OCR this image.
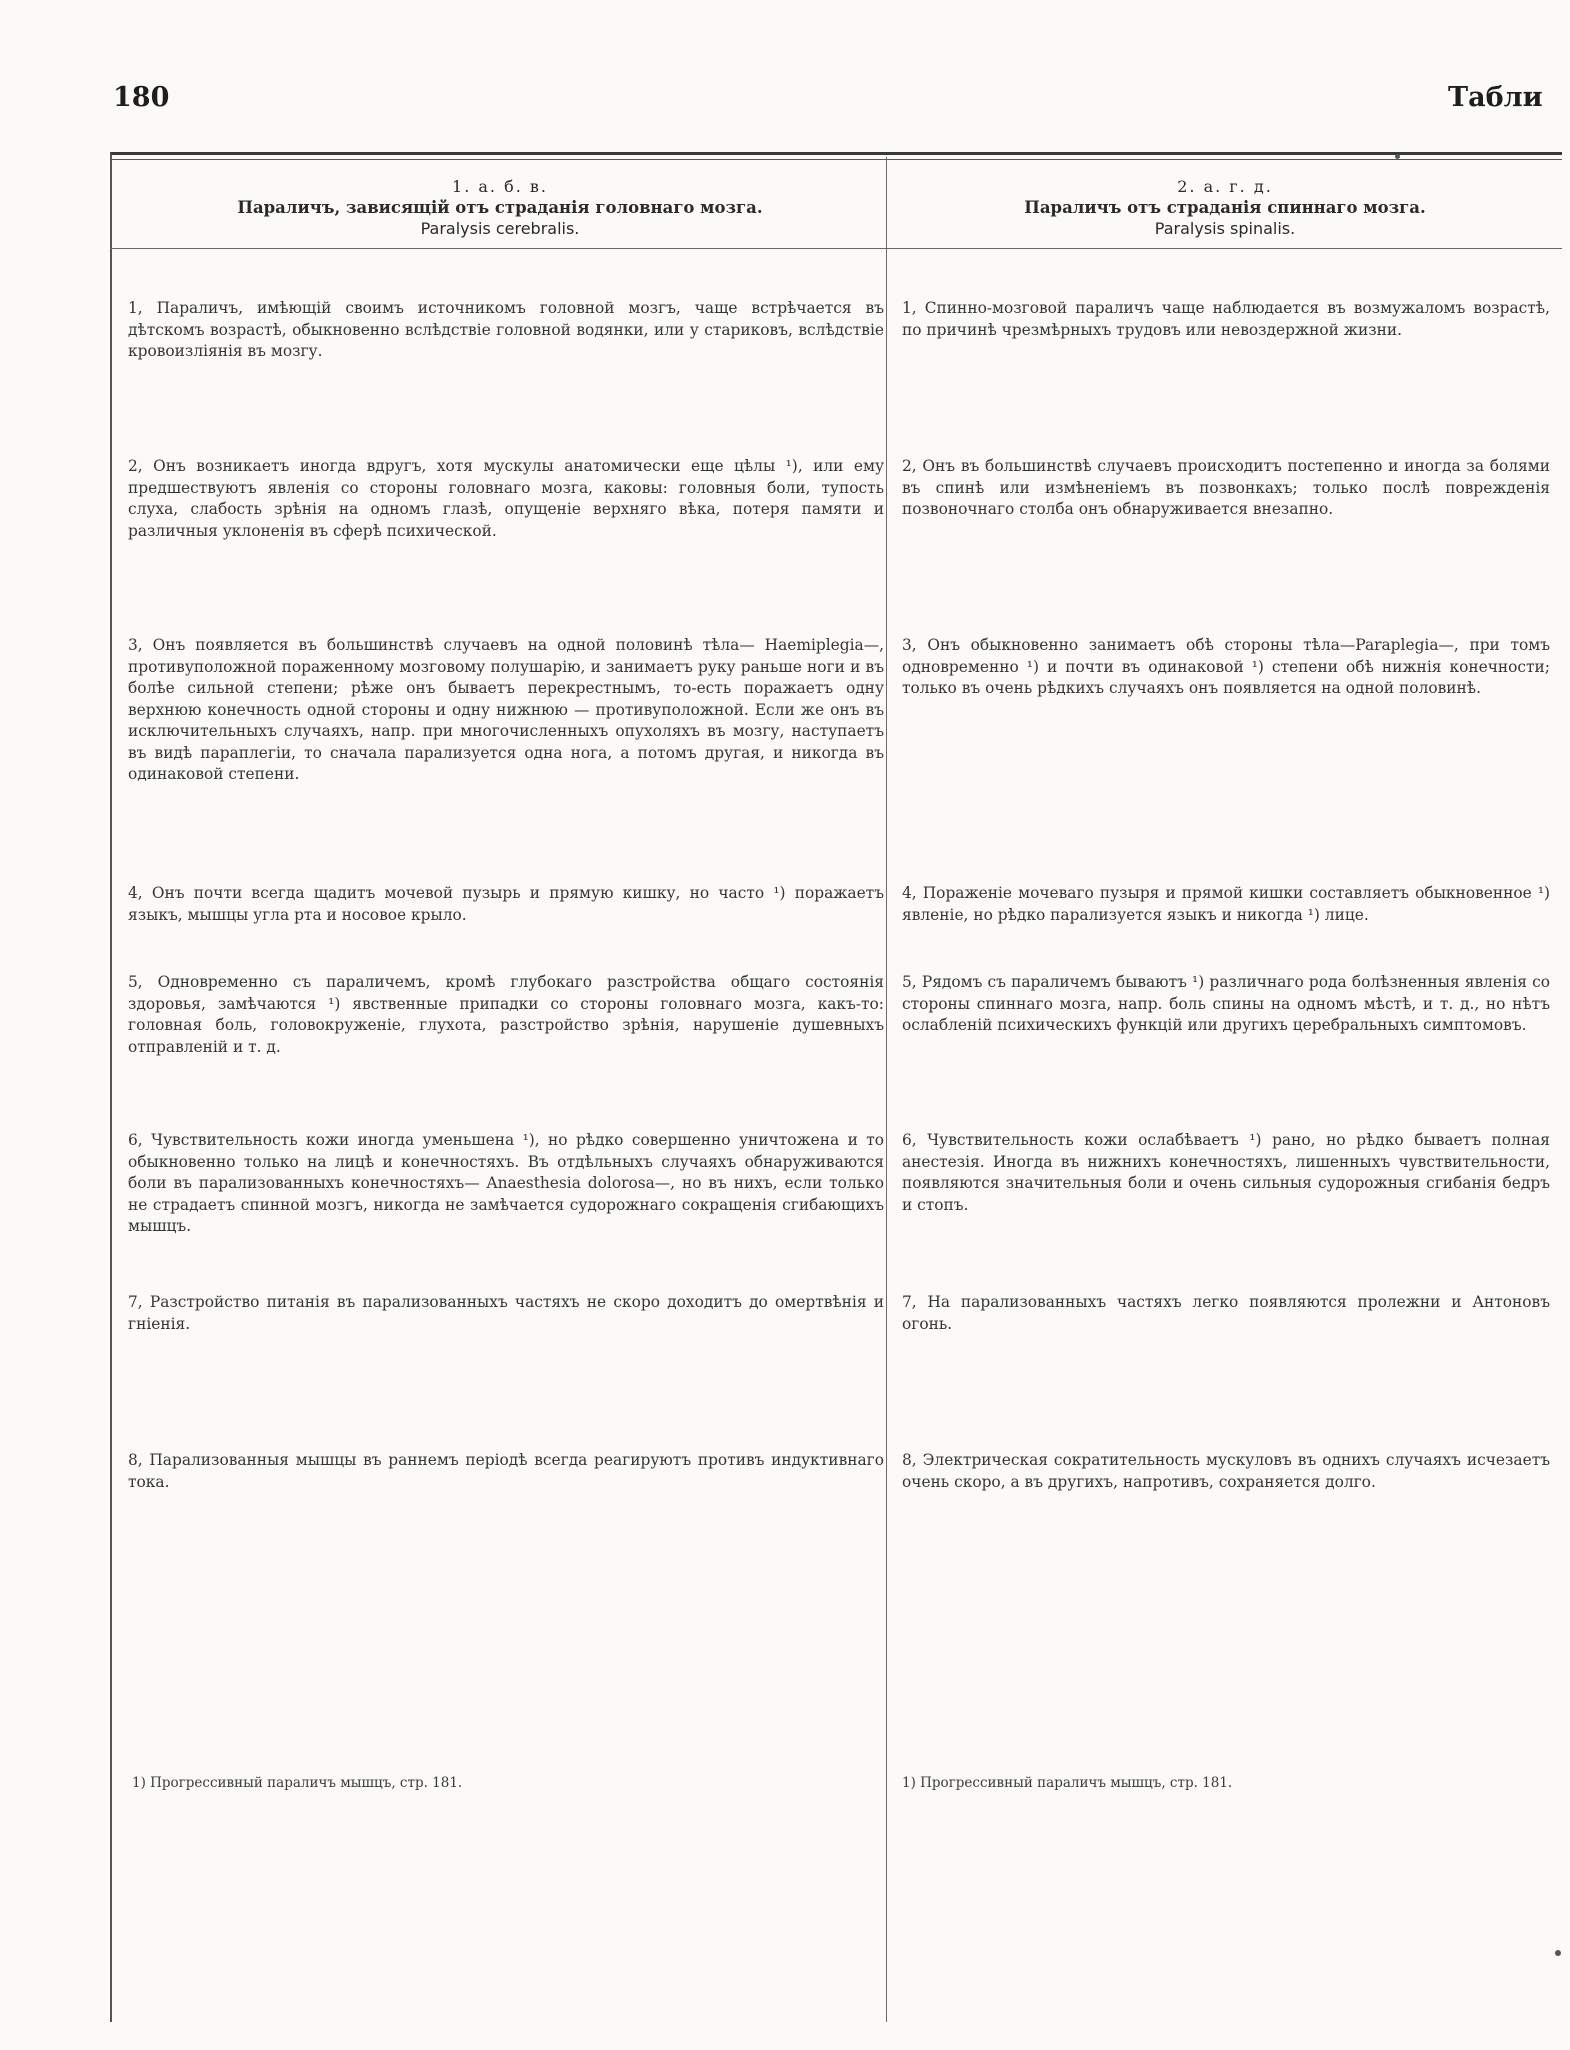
180	Табли
1. а. б. в.
Параличъ, зависящій отъ страданія головнаго мозга.
Paralysis cerebralis.
2. а. г. д.
Параличъ отъ страданія спиннаго мозга.
Paralysis spinalis.
1, Параличъ, имѣющій своимъ источникомъ головной мозгъ, чаще встрѣчается въ дѣтскомъ возрастѣ, обыкновенно вслѣдствіе головной водянки, или у стариковъ, вслѣдствіе кровоизліянія въ мозгу.
2, Онъ возникаетъ иногда вдругъ, хотя мускулы анатомически еще цѣлы ¹), или ему предшествуютъ явленія со стороны головнаго мозга, каковы: головныя боли, тупость слуха, слабость зрѣнія на одномъ глазѣ, опущеніе верхняго вѣка, потеря памяти и различныя уклоненія въ сферѣ психической.
3, Онъ появляется въ большинствѣ случаевъ на одной половинѣ тѣла— Haemiplegia—, противуположной пораженному мозговому полушарію, и занимаетъ руку раньше ноги и въ болѣе сильной степени; рѣже онъ бываетъ перекрестнымъ, то-есть поражаетъ одну верхнюю конечность одной стороны и одну нижнюю — противуположной. Если же онъ въ исключительныхъ случаяхъ, напр. при многочисленныхъ опухоляхъ въ мозгу, наступаетъ въ видѣ параплегіи, то сначала парализуется одна нога, а потомъ другая, и никогда въ одинаковой степени.
4, Онъ почти всегда щадитъ мочевой пузырь и прямую кишку, но часто ¹) поражаетъ языкъ, мышцы угла рта и носовое крыло.
5, Одновременно съ параличемъ, кромѣ глубокаго разстройства общаго состоянія здоровья, замѣчаются ¹) явственные припадки со стороны головнаго мозга, какъ-то: головная боль, головокруженіе, глухота, разстройство зрѣнія, нарушеніе душевныхъ отправленій и т. д.
6, Чувствительность кожи иногда уменьшена ¹), но рѣдко совершенно уничтожена и то обыкновенно только на лицѣ и конечностяхъ. Въ отдѣльныхъ случаяхъ обнаруживаются боли въ парализованныхъ конечностяхъ— Anaesthesia dolorosa—, но въ нихъ, если только не страдаетъ спинной мозгъ, никогда не замѣчается судорожнаго сокращенія сгибающихъ мышцъ.
7, Разстройство питанія въ парализованныхъ частяхъ не скоро доходитъ до омертвѣнія и гніенія.
8, Парализованныя мышцы въ раннемъ періодѣ всегда реагируютъ противъ индуктивнаго тока.
1, Спинно-мозговой параличъ чаще наблюдается въ возмужаломъ возрастѣ, по причинѣ чрезмѣрныхъ трудовъ или невоздержной жизни.
2, Онъ въ большинствѣ случаевъ происходитъ постепенно и иногда за болями въ спинѣ или измѣненіемъ въ позвонкахъ; только послѣ поврежденія позвоночнаго столба онъ обнаруживается внезапно.
3, Онъ обыкновенно занимаетъ обѣ стороны тѣла—Paraplegia—, при томъ одновременно ¹) и почти въ одинаковой ¹) степени обѣ нижнія конечности; только въ очень рѣдкихъ случаяхъ онъ появляется на одной половинѣ.
4, Пораженіе мочеваго пузыря и прямой кишки составляетъ обыкновенное ¹) явленіе, но рѣдко парализуется языкъ и никогда ¹) лице.
5, Рядомъ съ параличемъ бываютъ ¹) различнаго рода болѣзненныя явленія со стороны спиннаго мозга, напр. боль спины на одномъ мѣстѣ, и т. д., но нѣтъ ослабленій психическихъ функцій или другихъ церебральныхъ симптомовъ.
6, Чувствительность кожи ослабѣваетъ ¹) рано, но рѣдко бываетъ полная анестезія. Иногда въ нижнихъ конечностяхъ, лишенныхъ чувствительности, появляются значительныя боли и очень сильныя судорожныя сгибанія бедръ и стопъ.
7, На парализованныхъ частяхъ легко появляются пролежни и Антоновъ огонь.
8, Электрическая сократительность мускуловъ въ однихъ случаяхъ исчезаетъ очень скоро, а въ другихъ, напротивъ, сохраняется долго.
1) Прогрессивный параличъ мышцъ, стр. 181.	1) Прогрессивный параличъ мышцъ, стр. 181.
